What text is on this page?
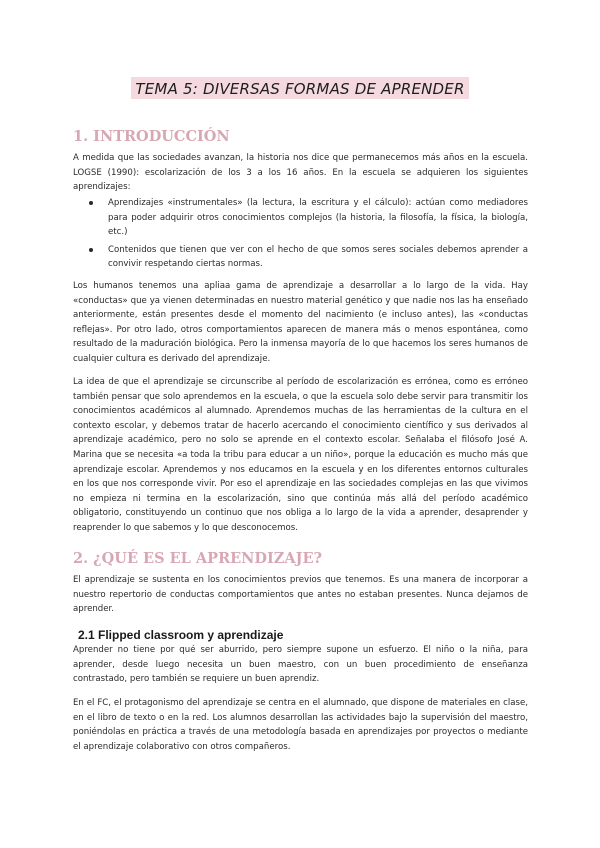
TEMA 5: DIVERSAS FORMAS DE APRENDER
1. INTRODUCCIÓN

A medida que las sociedades avanzan, la historia nos dice que permanecemos más años en la escuela. LOGSE (1990): escolarización de los 3 a los 16 años. En la escuela se adquieren los siguientes aprendizajes:

Aprendizajes «instrumentales» (la lectura, la escritura y el cálculo): actúan como mediadores para poder adquirir otros conocimientos complejos (la historia, la filosofía, la física, la biología, etc.)
Contenidos que tienen que ver con el hecho de que somos seres sociales debemos aprender a convivir respetando ciertas normas.

Los humanos tenemos una apliaa gama de aprendizaje a desarrollar a lo largo de la vida. Hay «conductas» que ya vienen determinadas en nuestro material genético y que nadie nos las ha enseñado anteriormente, están presentes desde el momento del nacimiento (e incluso antes), las «conductas reflejas». Por otro lado, otros comportamientos aparecen de manera más o menos espontánea, como resultado de la maduración biológica. Pero la inmensa mayoría de lo que hacemos los seres humanos de cualquier cultura es derivado del aprendizaje.

La idea de que el aprendizaje se circunscribe al período de escolarización es errónea, como es erróneo también pensar que solo aprendemos en la escuela, o que la escuela solo debe servir para transmitir los conocimientos académicos al alumnado. Aprendemos muchas de las herramientas de la cultura en el contexto escolar, y debemos tratar de hacerlo acercando el conocimiento científico y sus derivados al aprendizaje académico, pero no solo se aprende en el contexto escolar. Señalaba el filósofo José A. Marina que se necesita «a toda la tribu para educar a un niño», porque la educación es mucho más que aprendizaje escolar. Aprendemos y nos educamos en la escuela y en los diferentes entornos culturales en los que nos corresponde vivir. Por eso el aprendizaje en las sociedades complejas en las que vivimos no empieza ni termina en la escolarización, sino que continúa más allá del período académico obligatorio, constituyendo un continuo que nos obliga a lo largo de la vida a aprender, desaprender y reaprender lo que sabemos y lo que desconocemos.

2. ¿QUÉ ES EL APRENDIZAJE?

El aprendizaje se sustenta en los conocimientos previos que tenemos. Es una manera de incorporar a nuestro repertorio de conductas comportamientos que antes no estaban presentes. Nunca dejamos de aprender.

2.1 Flipped classroom y aprendizaje

Aprender no tiene por qué ser aburrido, pero siempre supone un esfuerzo. El niño o la niña, para aprender, desde luego necesita un buen maestro, con un buen procedimiento de enseñanza contrastado, pero también se requiere un buen aprendiz.

En el FC, el protagonismo del aprendizaje se centra en el alumnado, que dispone de materiales en clase, en el libro de texto o en la red. Los alumnos desarrollan las actividades bajo la supervisión del maestro, poniéndolas en práctica a través de una metodología basada en aprendizajes por proyectos o mediante el aprendizaje colaborativo con otros compañeros.
